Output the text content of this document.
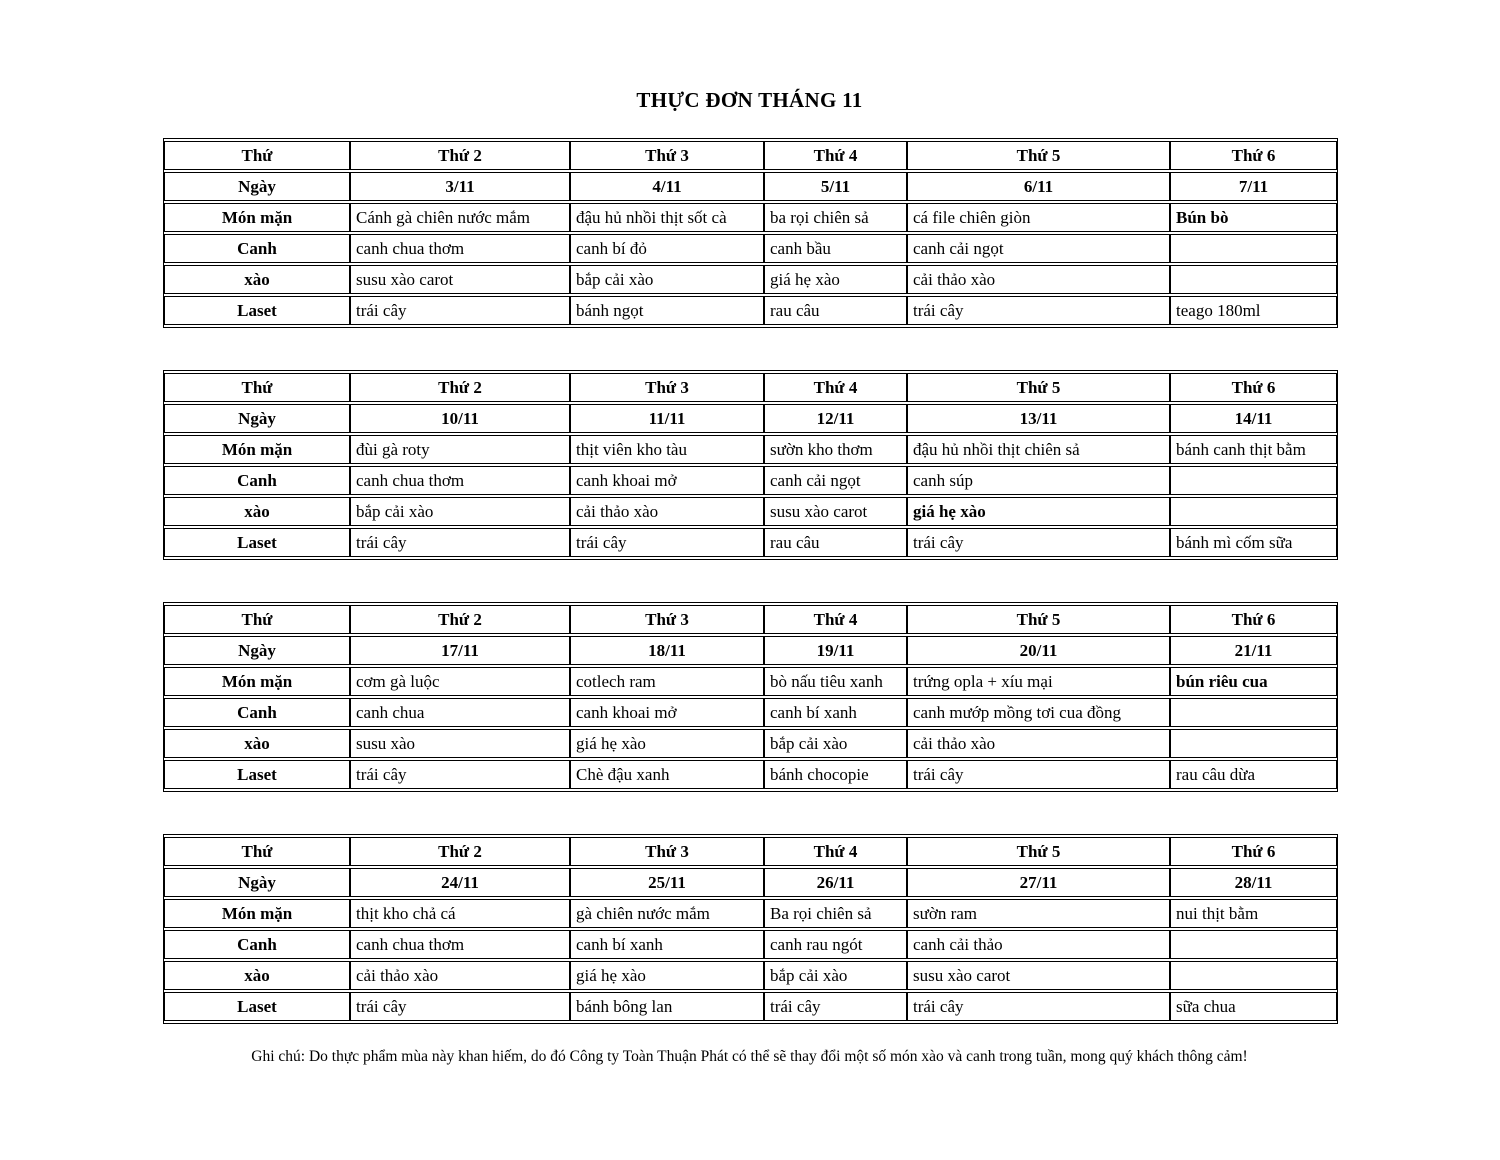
THỰC ĐƠN THÁNG 11
Thứ	Thứ 2	Thứ 3	Thứ 4	Thứ 5	Thứ 6
Ngày	3/11	4/11	5/11	6/11	7/11
Món mặn	Cánh gà chiên nước mắm	đậu hủ nhồi thịt sốt cà	ba rọi chiên sả	cá file chiên giòn	Bún bò
Canh	canh chua thơm	canh bí đỏ	canh bầu	canh cải ngọt	
xào	susu xào carot	bắp cải xào	giá hẹ xào	cải thảo xào	
Laset	trái cây	bánh ngọt	rau câu	trái cây	teago 180ml
Thứ	Thứ 2	Thứ 3	Thứ 4	Thứ 5	Thứ 6
Ngày	10/11	11/11	12/11	13/11	14/11
Món mặn	đùi gà roty	thịt viên kho tàu	sườn kho thơm	đậu hủ nhồi thịt chiên sả	bánh canh thịt bằm
Canh	canh chua thơm	canh khoai mở	canh cải ngọt	canh súp	
xào	bắp cải xào	cải thảo xào	susu xào carot	giá hẹ xào	
Laset	trái cây	trái cây	rau câu	trái cây	bánh mì cốm sữa
Thứ	Thứ 2	Thứ 3	Thứ 4	Thứ 5	Thứ 6
Ngày	17/11	18/11	19/11	20/11	21/11
Món mặn	cơm gà luộc	cotlech ram	bò nấu tiêu xanh	trứng opla + xíu mại	bún riêu cua
Canh	canh chua	canh khoai mở	canh bí xanh	canh mướp mồng tơi cua đồng	
xào	susu xào	giá hẹ xào	bắp cải xào	cải thảo xào	
Laset	trái cây	Chè đậu xanh	bánh chocopie	trái cây	rau câu dừa
Thứ	Thứ 2	Thứ 3	Thứ 4	Thứ 5	Thứ 6
Ngày	24/11	25/11	26/11	27/11	28/11
Món mặn	thịt kho chả cá	gà chiên nước mắm	Ba rọi chiên sả	sườn ram	nui thịt bằm
Canh	canh chua thơm	canh bí xanh	canh rau ngót	canh cải thảo	
xào	cải thảo xào	giá hẹ xào	bắp cải xào	susu xào carot	
Laset	trái cây	bánh bông lan	trái cây	trái cây	sữa chua

Ghi chú: Do thực phẩm mùa này khan hiếm, do đó Công ty Toàn Thuận Phát có thể sẽ thay đổi một số món xào và canh trong tuần, mong quý khách thông cảm!
